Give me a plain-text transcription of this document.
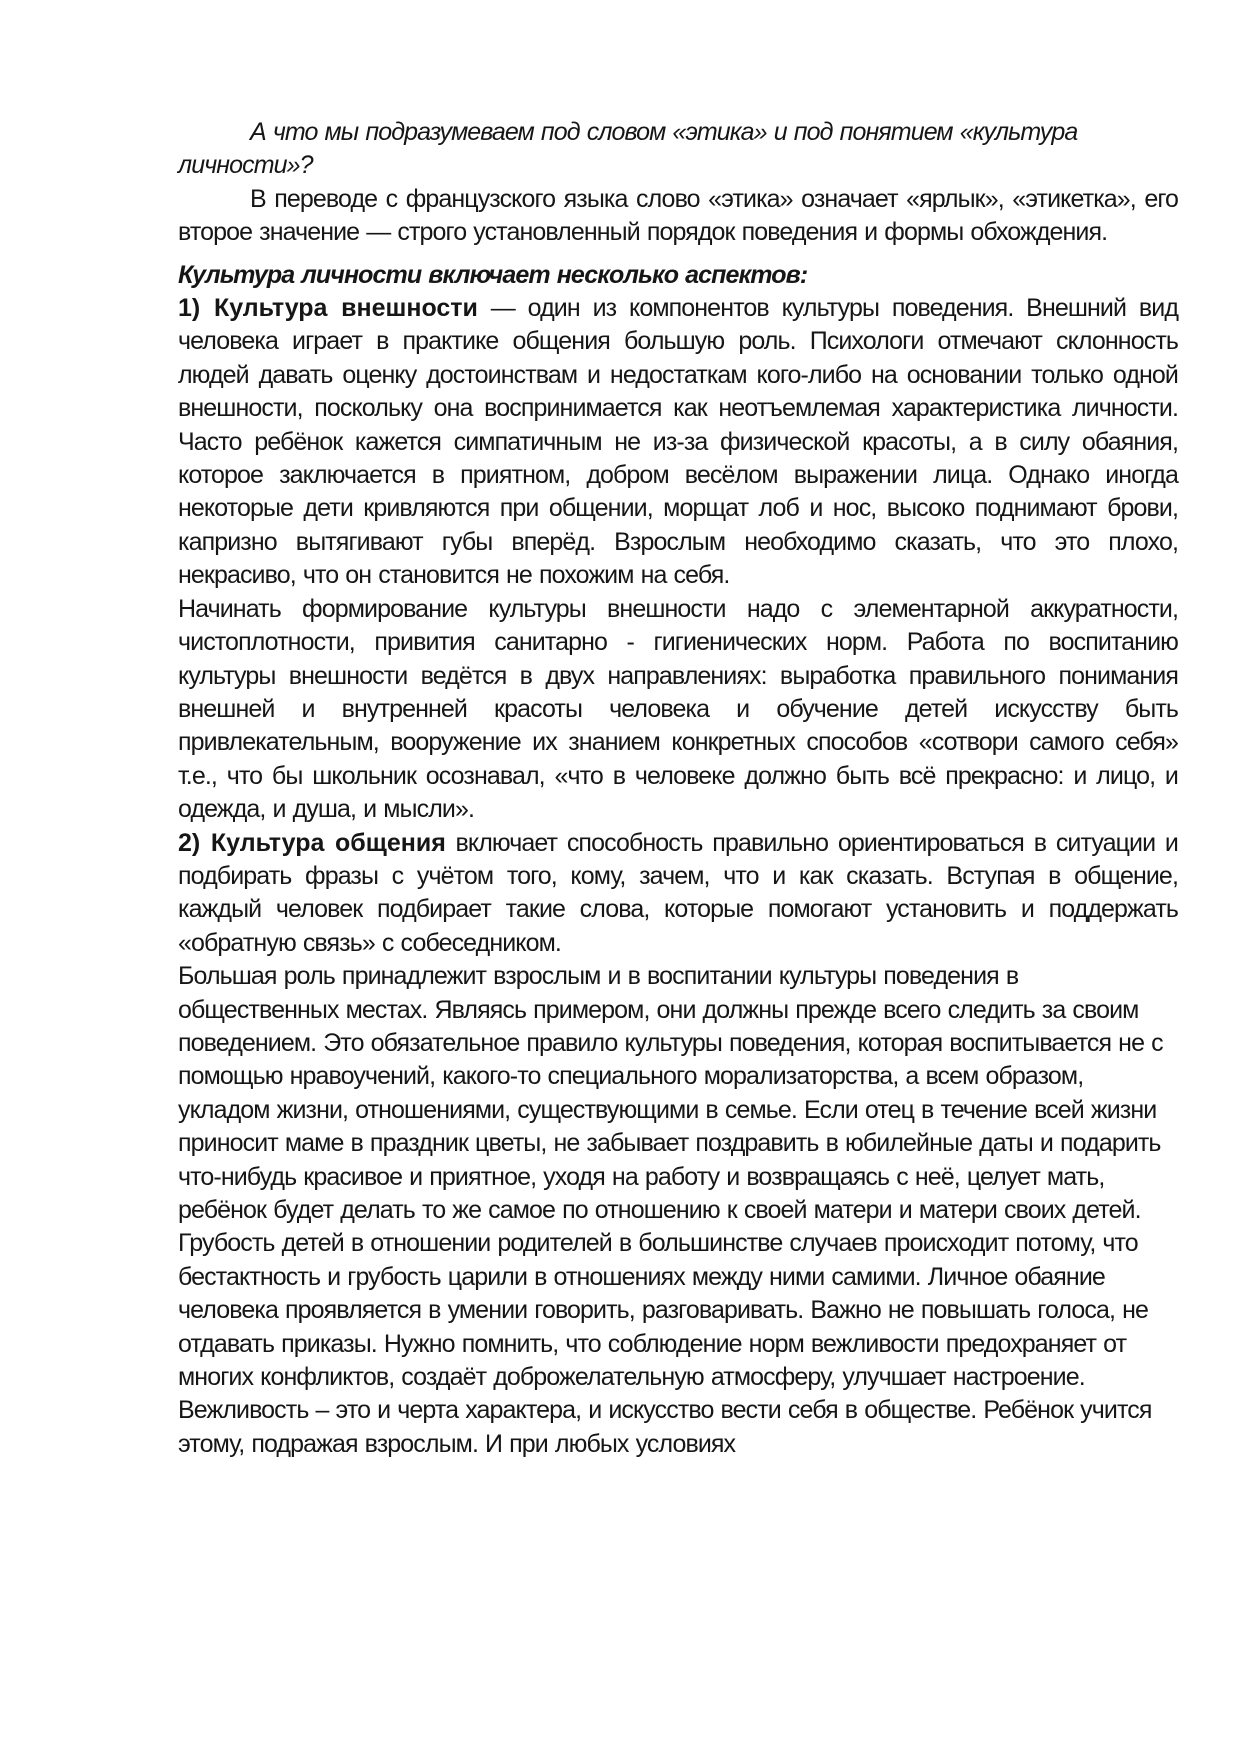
А что мы подразумеваем под словом «этика» и под понятием «культура личности»?

В переводе с французского языка слово «этика» означает «ярлык», «этикетка», его второе значение — строго установленный порядок поведения и формы обхождения.

Культура личности включает несколько аспектов:

1) Культура внешности — один из компонентов культуры поведения. Внешний вид человека играет в практике общения большую роль. Психологи отмечают склонность людей давать оценку достоинствам и недостаткам кого-либо на основании только одной внешности, поскольку она воспринимается как неотъемлемая характеристика личности. Часто ребёнок кажется симпатичным не из-за физической красоты, а в силу обаяния, которое заключается в приятном, добром весёлом выражении лица. Однако иногда некоторые дети кривляются при общении, морщат лоб и нос, высоко поднимают брови, капризно вытягивают губы вперёд. Взрослым необходимо сказать, что это плохо, некрасиво, что он становится не похожим на себя.

Начинать формирование культуры внешности надо с элементарной аккуратности, чистоплотности, привития санитарно - гигиенических норм. Работа по воспитанию культуры внешности ведётся в двух направлениях: выработка правильного понимания внешней и внутренней красоты человека и обучение детей искусству быть привлекательным, вооружение их знанием конкретных способов «сотвори самого себя» т.е., что бы школьник осознавал, «что в человеке должно быть всё прекрасно: и лицо, и одежда, и душа, и мысли».

2) Культура общения включает способность правильно ориентироваться в ситуации и подбирать фразы с учётом того, кому, зачем, что и как сказать. Вступая в общение, каждый человек подбирает такие слова, которые помогают установить и поддержать «обратную связь» с собеседником.

Большая роль принадлежит взрослым и в воспитании культуры поведения в общественных местах. Являясь примером, они должны прежде всего следить за своим поведением. Это обязательное правило культуры поведения, которая воспитывается не с помощью нравоучений, какого-то специального морализаторства, а всем образом, укладом жизни, отношениями, существующими в семье. Если отец в течение всей жизни приносит маме в праздник цветы, не забывает поздравить в юбилейные даты и подарить что-нибудь красивое и приятное, уходя на работу и возвращаясь с неё, целует мать, ребёнок будет делать то же самое по отношению к своей матери и матери своих детей. Грубость детей в отношении родителей в большинстве случаев происходит потому, что бестактность и грубость царили в отношениях между ними самими. Личное обаяние человека проявляется в умении говорить, разговаривать. Важно не повышать голоса, не отдавать приказы. Нужно помнить, что соблюдение норм вежливости предохраняет от многих конфликтов, создаёт доброжелательную атмосферу, улучшает настроение. Вежливость – это и черта характера, и искусство вести себя в обществе. Ребёнок учится этому, подражая взрослым. И при любых условиях
